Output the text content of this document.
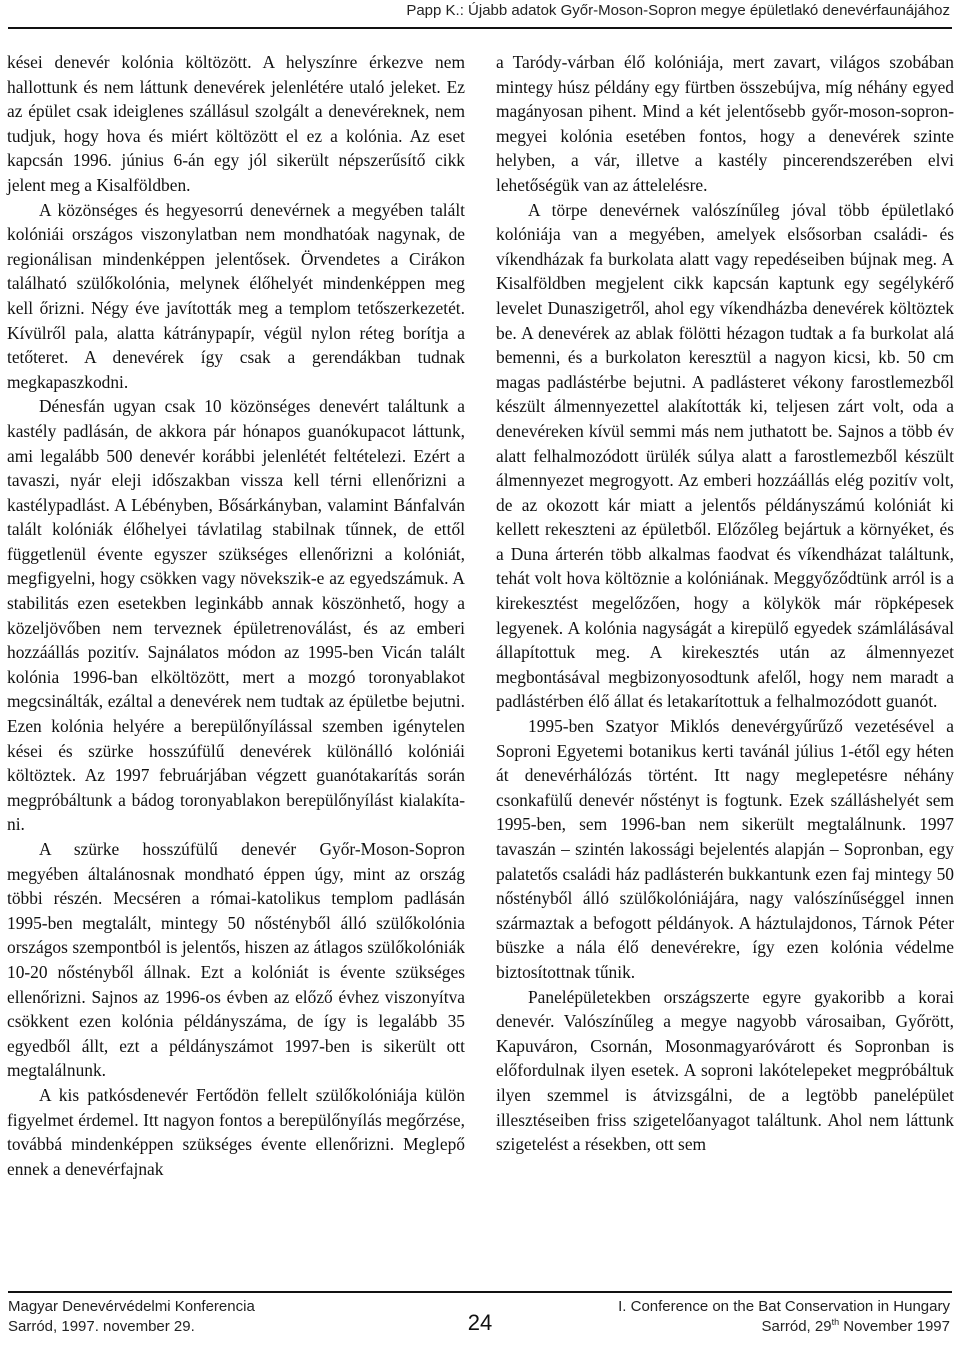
Papp K.: Újabb adatok Győr-Moson-Sopron megye épületlakó denevérfaunájához

kései denevér kolónia költözött. A helyszínre érkezve nem hallottunk és nem láttunk denevérek jelenlétére utaló jeleket. Ez az épület csak ideiglenes szállásul szolgált a denevéreknek, nem tudjuk, hogy hova és miért költözött el ez a kolónia. Az eset kapcsán 1996. június 6-án egy jól sikerült népszerűsítő cikk jelent meg a Kisalföldben.

A közönséges és hegyesorrú denevérnek a megyében talált kolóniái országos viszonylatban nem mondhatóak nagynak, de regionálisan mindenképpen jelentősek. Örvendetes a Cirákon található szülőkolónia, melynek élőhelyét mindenképpen meg kell őrizni. Négy éve javították meg a templom tetőszerkezetét. Kívülről pala, alatta kátránypapír, végül nylon réteg borítja a tetőteret. A denevérek így csak a gerendákban tudnak megkapaszkodni.

Dénesfán ugyan csak 10 közönséges denevért találtunk a kastély padlásán, de akkora pár hónapos guanókupacot láttunk, ami legalább 500 denevér korábbi jelenlétét feltételezi. Ezért a tavaszi, nyár eleji időszakban vissza kell térni ellenőrizni a kastélypadlást. A Lébényben, Bősárkányban, valamint Bánfalván talált kolóniák élőhelyei távlatilag stabilnak tűnnek, de ettől függetlenül évente egyszer szükséges ellenőrizni a kolóniát, megfigyelni, hogy csökken vagy növekszik-e az egyedszámuk. A stabilitás ezen esetekben leginkább annak köszönhető, hogy a közeljövőben nem terveznek épületrenoválást, és az emberi hozzáállás pozitív. Sajnálatos módon az 1995-ben Vicán talált kolónia 1996-ban elköltözött, mert a mozgó toronyablakot megcsinálták, ezáltal a denevérek nem tudtak az épületbe bejutni. Ezen kolónia helyére a berepülőnyílással szemben igénytelen kései és szürke hosszúfülű denevérek különálló kolóniái költöztek. Az 1997 februárjában végzett guanótakarítás során megpróbáltunk a bádog toronyablakon berepülőnyílást kialakítani.

A szürke hosszúfülű denevér Győr-Moson-Sopron megyében általánosnak mondható éppen úgy, mint az ország többi részén. Mecséren a római-katolikus templom padlásán 1995-ben megtalált, mintegy 50 nőstényből álló szülőkolónia országos szempontból is jelentős, hiszen az átlagos szülőkolóniák 10-20 nőstényből állnak. Ezt a kolóniát is évente szükséges ellenőrizni. Sajnos az 1996-os évben az előző évhez viszonyítva csökkent ezen kolónia példányszáma, de így is legalább 35 egyedből állt, ezt a példányszámot 1997-ben is sikerült ott megtalálnunk.

A kis patkósdenevér Fertődön fellelt szülőkolóniája külön figyelmet érdemel. Itt nagyon fontos a berepülőnyílás megőrzése, továbbá mindenképpen szükséges évente ellenőrizni. Meglepő ennek a denevérfajnak

a Taródy-várban élő kolóniája, mert zavart, világos szobában mintegy húsz példány egy fürtben összebújva, míg néhány egyed magányosan pihent. Mind a két jelentősebb győr-moson-sopron-megyei kolónia esetében fontos, hogy a denevérek szinte helyben, a vár, illetve a kastély pincerendszerében elvi lehetőségük van az áttelelésre.

A törpe denevérnek valószínűleg jóval több épületlakó kolóniája van a megyében, amelyek elsősorban családi- és víkendházak fa burkolata alatt vagy repedéseiben bújnak meg. A Kisalföldben megjelent cikk kapcsán kaptunk egy segélykérő levelet Dunaszigetről, ahol egy víkendházba denevérek költöztek be. A denevérek az ablak fölötti hézagon tudtak a fa burkolat alá bemenni, és a burkolaton keresztül a nagyon kicsi, kb. 50 cm magas padlástérbe bejutni. A padlásteret vékony farostlemezből készült álmennyezettel alakították ki, teljesen zárt volt, oda a denevéreken kívül semmi más nem juthatott be. Sajnos a több év alatt felhalmozódott ürülék súlya alatt a farostlemezből készült álmennyezet megrogyott. Az emberi hozzáállás elég pozitív volt, de az okozott kár miatt a jelentős példányszámú kolóniát ki kellett rekeszteni az épületből. Előzőleg bejártuk a környéket, és a Duna árterén több alkalmas faodvat és víkendházat találtunk, tehát volt hova költöznie a kolóniának. Meggyőződtünk arról is a kirekesztést megelőzően, hogy a kölykök már röpképesek legyenek. A kolónia nagyságát a kirepülő egyedek számlálásával állapítottuk meg. A kirekesztés után az álmennyezet megbontásával megbizonyosodtunk afelől, hogy nem maradt a padlástérben élő állat és letakarítottuk a felhalmozódott guanót.

1995-ben Szatyor Miklós denevérgyűrűző vezetésével a Soproni Egyetemi botanikus kerti tavánál július 1-étől egy héten át denevérhálózás történt. Itt nagy meglepetésre néhány csonkafülű denevér nőstényt is fogtunk. Ezek szálláshelyét sem 1995-ben, sem 1996-ban nem sikerült megtalálnunk. 1997 tavaszán – szintén lakossági bejelentés alapján – Sopronban, egy palatetős családi ház padlásterén bukkantunk ezen faj mintegy 50 nőstényből álló szülőkolóniájára, nagy valószínűséggel innen származtak a befogott példányok. A háztulajdonos, Tárnok Péter büszke a nála élő denevérekre, így ezen kolónia védelme biztosítottnak tűnik.

Panelépületekben országszerte egyre gyakoribb a korai denevér. Valószínűleg a megye nagyobb városaiban, Győrött, Kapuváron, Csornán, Mosonmagyaróvárott és Sopronban is előfordulnak ilyen esetek. A soproni lakótelepeket megpróbáltuk ilyen szemmel is átvizsgálni, de a legtöbb panelépület illesztéseiben friss szigetelőanyagot találtunk. Ahol nem láttunk szigetelést a résekben, ott sem

Magyar Denevérvédelmi Konferencia
Sarród, 1997. november 29.	24
I. Conference on the Bat Conservation in Hungary
Sarród, 29th November 1997
